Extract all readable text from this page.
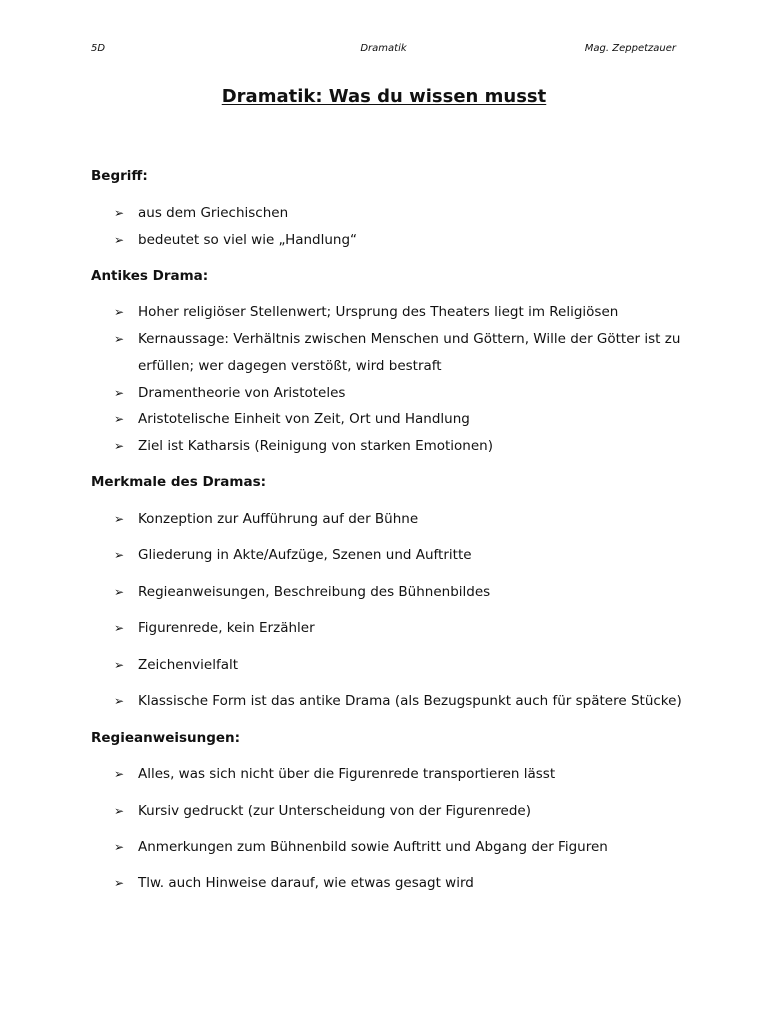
5D	Dramatik	Mag. Zeppetzauer
Dramatik: Was du wissen musst
Begriff:
➢	aus dem Griechischen
➢	bedeutet so viel wie „Handlung“
Antikes Drama:
➢	Hoher religiöser Stellenwert; Ursprung des Theaters liegt im Religiösen
➢	Kernaussage: Verhältnis zwischen Menschen und Göttern, Wille der Götter ist zu erfüllen; wer dagegen verstößt, wird bestraft
➢	Dramentheorie von Aristoteles
➢	Aristotelische Einheit von Zeit, Ort und Handlung
➢	Ziel ist Katharsis (Reinigung von starken Emotionen)
Merkmale des Dramas:
➢	Konzeption zur Aufführung auf der Bühne
➢	Gliederung in Akte/Aufzüge, Szenen und Auftritte
➢	Regieanweisungen, Beschreibung des Bühnenbildes
➢	Figurenrede, kein Erzähler
➢	Zeichenvielfalt
➢	Klassische Form ist das antike Drama (als Bezugspunkt auch für spätere Stücke)
Regieanweisungen:
➢	Alles, was sich nicht über die Figurenrede transportieren lässt
➢	Kursiv gedruckt (zur Unterscheidung von der Figurenrede)
➢	Anmerkungen zum Bühnenbild sowie Auftritt und Abgang der Figuren
➢	Tlw. auch Hinweise darauf, wie etwas gesagt wird
